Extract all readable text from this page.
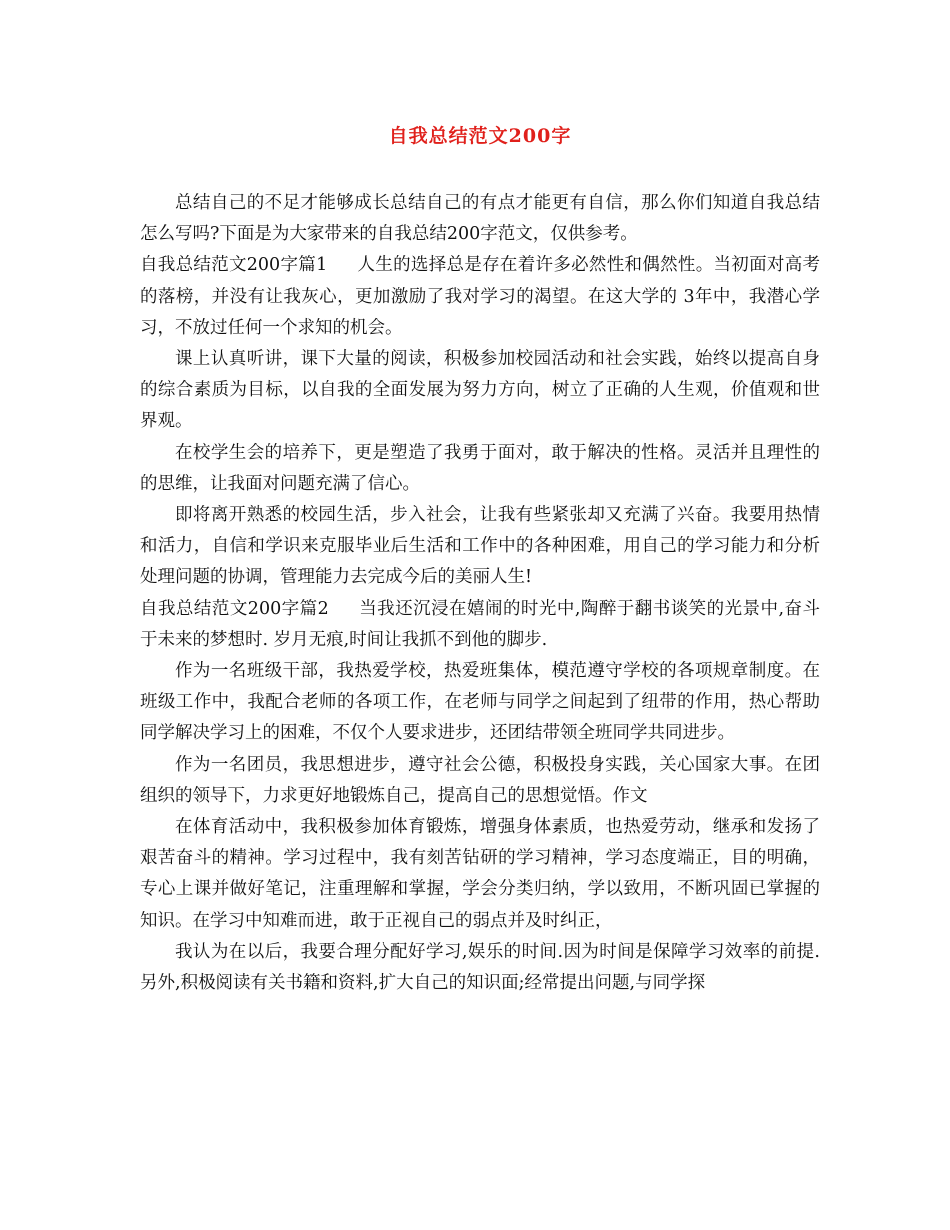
自我总结范文200字

总结自己的不足才能够成长总结自己的有点才能更有自信，那么你们知道自我总结怎么写吗?下面是为大家带来的自我总结200字范文，仅供参考。

自我总结范文200字篇1 人生的选择总是存在着许多必然性和偶然性。当初面对高考的落榜，并没有让我灰心，更加激励了我对学习的渴望。在这大学的 3年中，我潜心学习，不放过任何一个求知的机会。

课上认真听讲，课下大量的阅读，积极参加校园活动和社会实践，始终以提高自身的综合素质为目标，以自我的全面发展为努力方向，树立了正确的人生观，价值观和世界观。

在校学生会的培养下，更是塑造了我勇于面对，敢于解决的性格。灵活并且理性的的思维，让我面对问题充满了信心。

即将离开熟悉的校园生活，步入社会，让我有些紧张却又充满了兴奋。我要用热情和活力，自信和学识来克服毕业后生活和工作中的各种困难，用自己的学习能力和分析处理问题的协调，管理能力去完成今后的美丽人生!

自我总结范文200字篇2 当我还沉浸在嬉闹的时光中,陶醉于翻书谈笑的光景中,奋斗于未来的梦想时. 岁月无痕,时间让我抓不到他的脚步.

作为一名班级干部，我热爱学校，热爱班集体，模范遵守学校的各项规章制度。在班级工作中，我配合老师的各项工作，在老师与同学之间起到了纽带的作用，热心帮助同学解决学习上的困难，不仅个人要求进步，还团结带领全班同学共同进步。

作为一名团员，我思想进步，遵守社会公德，积极投身实践，关心国家大事。在团组织的领导下，力求更好地锻炼自己，提高自己的思想觉悟。作文

在体育活动中，我积极参加体育锻炼，增强身体素质，也热爱劳动，继承和发扬了艰苦奋斗的精神。学习过程中，我有刻苦钻研的学习精神，学习态度端正，目的明确，专心上课并做好笔记，注重理解和掌握，学会分类归纳，学以致用，不断巩固已掌握的知识。在学习中知难而进，敢于正视自己的弱点并及时纠正，

我认为在以后，我要合理分配好学习,娱乐的时间.因为时间是保障学习效率的前提.另外,积极阅读有关书籍和资料,扩大自己的知识面;经常提出问题,与同学探
